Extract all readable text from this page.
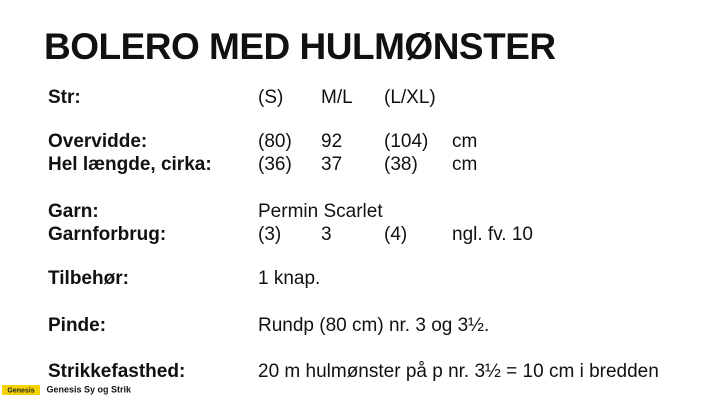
BOLERO MED HULMØNSTER
Str:	(S) M/L (L/XL)
Overvidde:	(80) 92 (104) cm
Hel længde, cirka: (36) 37 (38) cm
Garn:	Permin Scarlet
Garnforbrug:	(3) 3	(4) ngl. fv. 10
Tilbehør:	1 knap.
Pinde:	Rundp (80 cm) nr. 3 og 3½.
Strikkefasthed:	20 m hulmønster på p nr. 3½ = 10 cm i bredden
Genesis Genesis Sy og Strik
